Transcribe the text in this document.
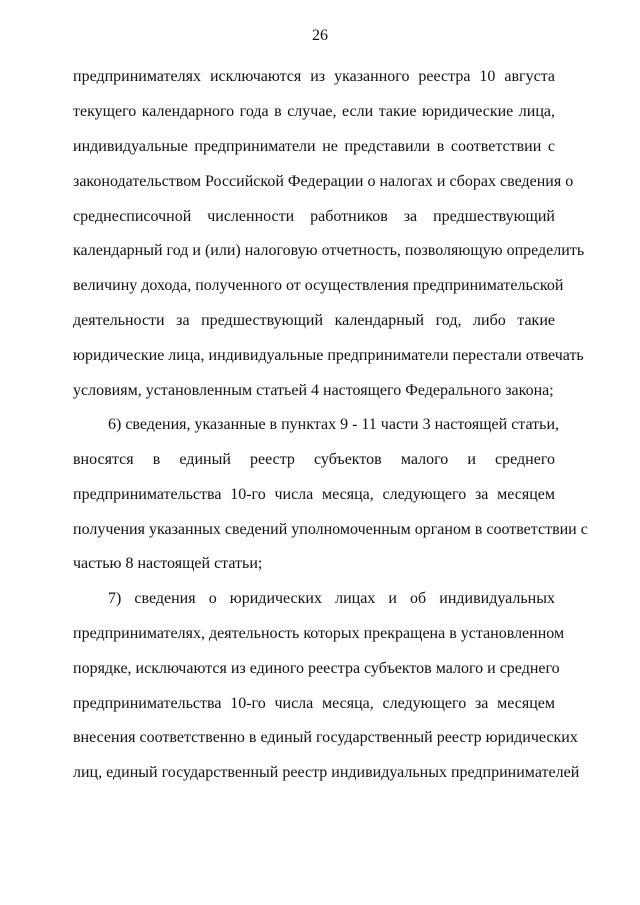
26
предпринимателях исключаются из указанного реестра 10 августа
текущего календарного года в случае, если такие юридические лица,
индивидуальные предприниматели не представили в соответствии с
законодательством Российской Федерации о налогах и сборах сведения о
среднесписочной численности работников за предшествующий
календарный год и (или) налоговую отчетность, позволяющую определить
величину дохода, полученного от осуществления предпринимательской
деятельности за предшествующий календарный год, либо такие
юридические лица, индивидуальные предприниматели перестали отвечать
условиям, установленным статьей 4 настоящего Федерального закона;
6) сведения, указанные в пунктах 9 - 11 части 3 настоящей статьи,
вносятся в единый реестр субъектов малого и среднего
предпринимательства 10-го числа месяца, следующего за месяцем
получения указанных сведений уполномоченным органом в соответствии с
частью 8 настоящей статьи;
7) сведения о юридических лицах и об индивидуальных
предпринимателях, деятельность которых прекращена в установленном
порядке, исключаются из единого реестра субъектов малого и среднего
предпринимательства 10-го числа месяца, следующего за месяцем
внесения соответственно в единый государственный реестр юридических
лиц, единый государственный реестр индивидуальных предпринимателей
